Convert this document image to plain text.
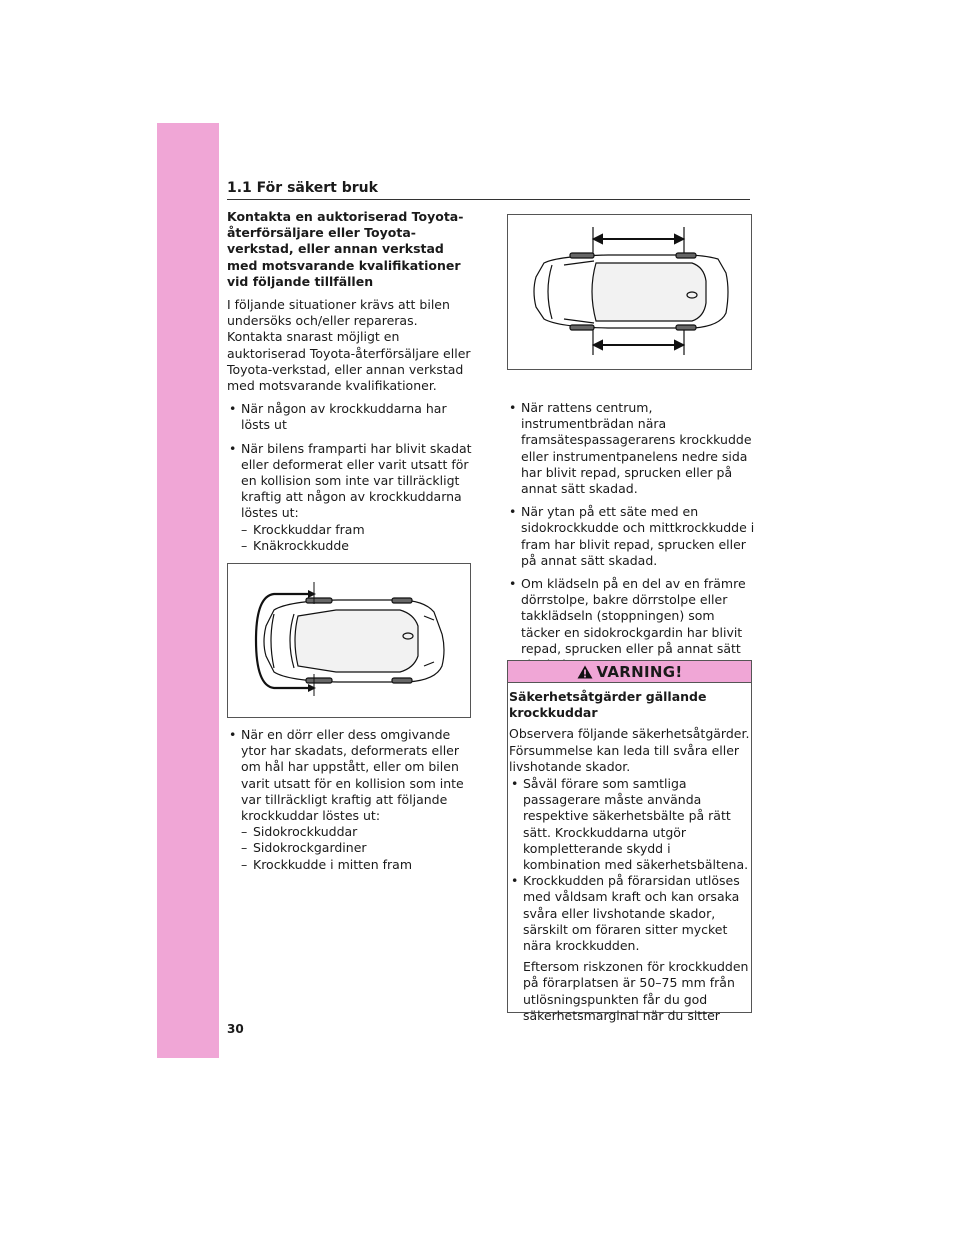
1.1 För säkert bruk
Kontakta en auktoriserad Toyota-återförsäljare eller Toyota-verkstad, eller annan verkstad med motsvarande kvalifikationer vid följande tillfällen

I följande situationer krävs att bilen undersöks och/eller repareras. Kontakta snarast möjligt en auktoriserad Toyota-återförsäljare eller Toyota-verkstad, eller annan verkstad med motsvarande kvalifikationer.

• När någon av krockkuddarna har lösts ut
• När bilens framparti har blivit skadat eller deformerat eller varit utsatt för en kollision som inte var tillräckligt kraftig att någon av krockkuddarna löstes ut:
– Krockkuddar fram
– Knäkrockkudde
• När en dörr eller dess omgivande ytor har skadats, deformerats eller om hål har uppstått, eller om bilen varit utsatt för en kollision som inte var tillräckligt kraftig att följande krockkuddar löstes ut:
– Sidokrockkuddar
– Sidokrockgardiner
– Krockkudde i mitten fram
• När rattens centrum, instrumentbrädan nära framsätespassagerarens krockkudde eller instrumentpanelens nedre sida har blivit repad, sprucken eller på annat sätt skadad.
• När ytan på ett säte med en sidokrockkudde och mittkrockkudde i fram har blivit repad, sprucken eller på annat sätt skadad.
• Om klädseln på en del av en främre dörrstolpe, bakre dörrstolpe eller takklädseln (stoppningen) som täcker en sidokrockgardin har blivit repad, sprucken eller på annat sätt
VARNING!
Säkerhetsåtgärder gällande krockkuddar

Observera följande säkerhetsåtgärder. Försummelse kan leda till svåra eller livshotande skador.

• Såväl förare som samtliga passagerare måste använda respektive säkerhetsbälte på rätt sätt. Krockkuddarna utgör kompletterande skydd i kombination med säkerhetsbältena.
• Krockkudden på förarsidan utlöses med våldsam kraft och kan orsaka svåra eller livshotande skador, särskilt om föraren sitter mycket nära krockkudden.

Eftersom riskzonen för krockkudden på förarplatsen är 50–75 mm från utlösningspunkten får du god säkerhetsmarginal när du sitter

30
